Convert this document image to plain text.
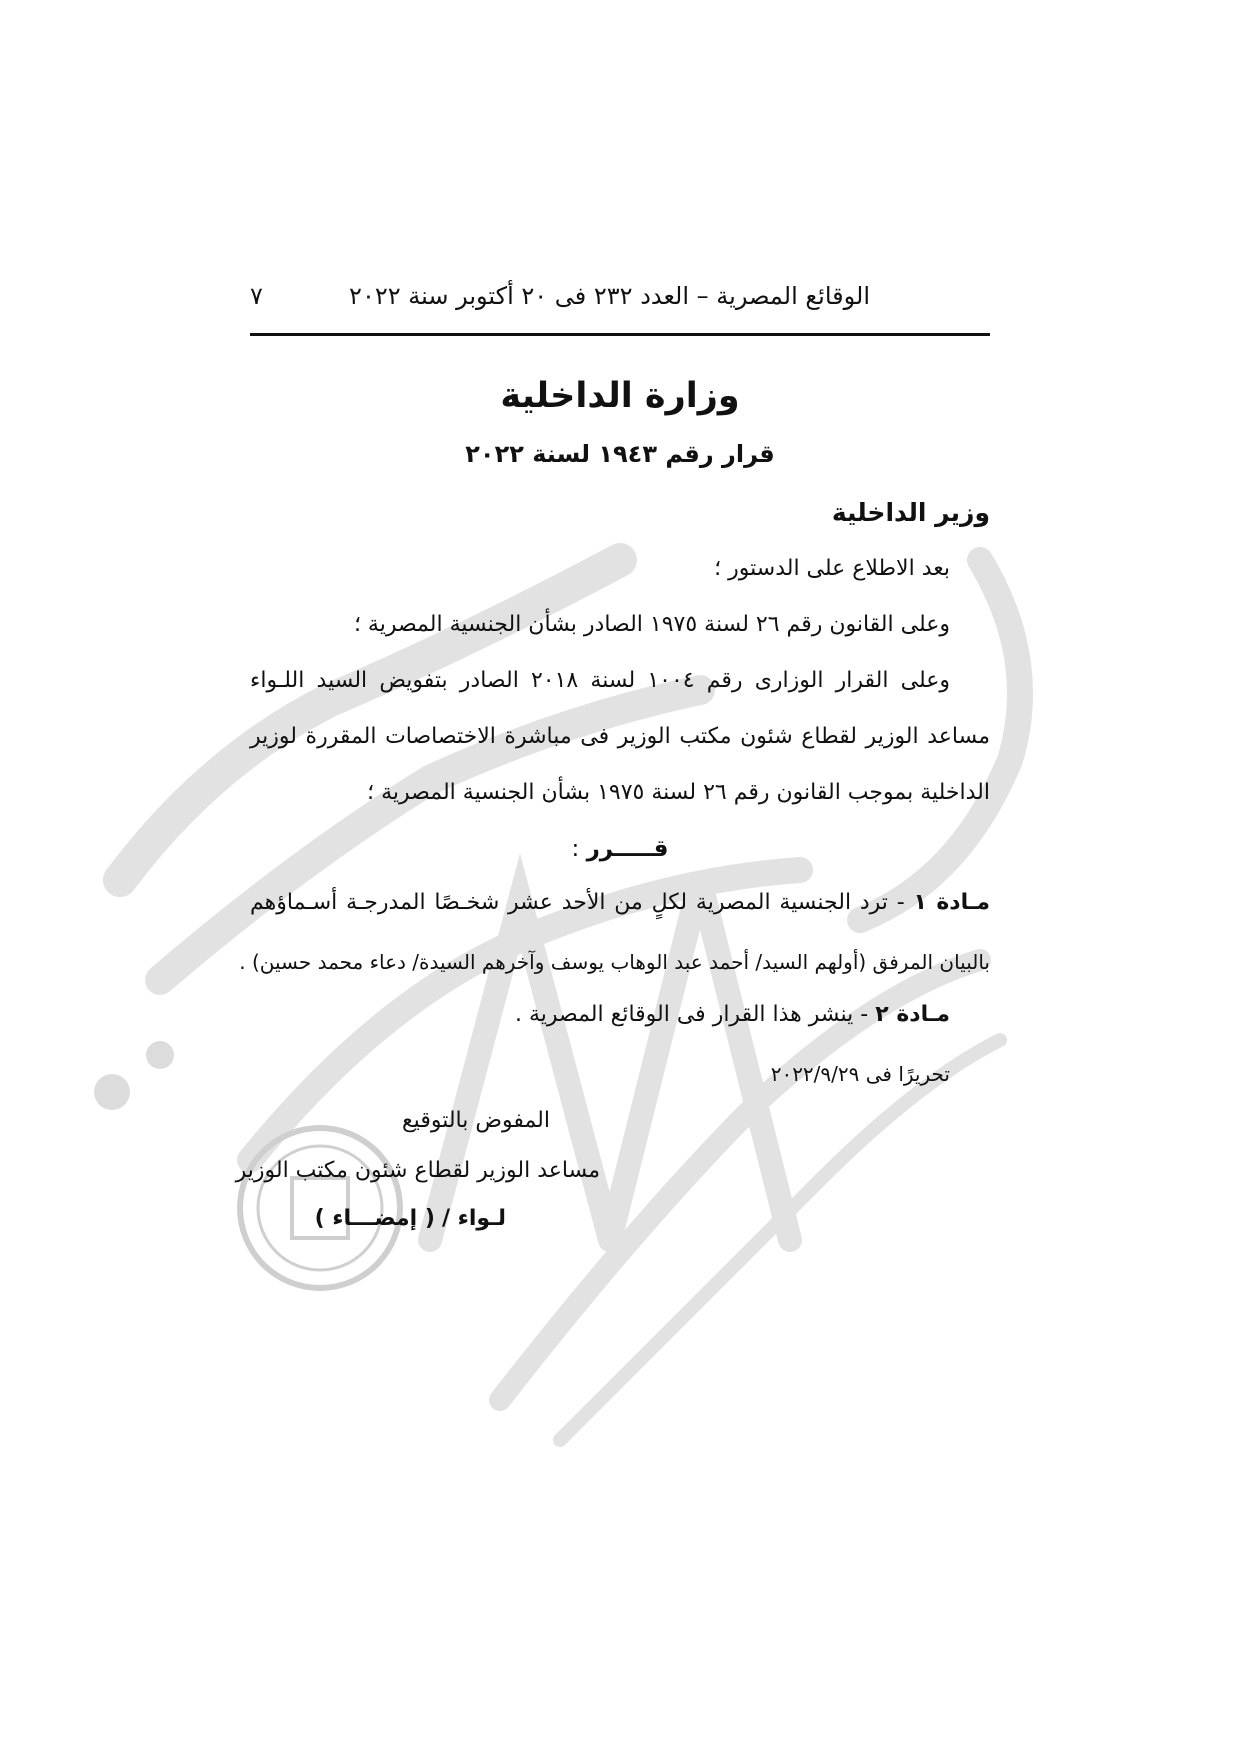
الوقائع المصرية – العدد ٢٣٢ فى ٢٠ أكتوبر سنة ٢٠٢٢
٧
وزارة الداخلية
قرار رقم ١٩٤٣ لسنة ٢٠٢٢
وزير الداخلية
بعد الاطلاع على الدستور ؛
وعلى القانون رقم ٢٦ لسنة ١٩٧٥ الصادر بشأن الجنسية المصرية ؛
وعلى القرار الوزارى رقم ١٠٠٤ لسنة ٢٠١٨ الصادر بتفويض السيد اللـواء
مساعد الوزير لقطاع شئون مكتب الوزير فى مباشرة الاختصاصات المقررة لوزير
الداخلية بموجب القانون رقم ٢٦ لسنة ١٩٧٥ بشأن الجنسية المصرية ؛
قـــــرر :
مـادة ١ - ترد الجنسية المصرية لكلٍ من الأحد عشر شخـصًا المدرجـة أسـماؤهم
بالبيان المرفق (أولهم السيد/ أحمد عبد الوهاب يوسف وآخرهم السيدة/ دعاء محمد حسين) .
مـادة ٢ - ينشر هذا القرار فى الوقائع المصرية .
تحريرًا فى ٢٠٢٢/٩/٢٩
المفوض بالتوقيع
مساعد الوزير لقطاع شئون مكتب الوزير
لـواء / ( إمضـــاء )
